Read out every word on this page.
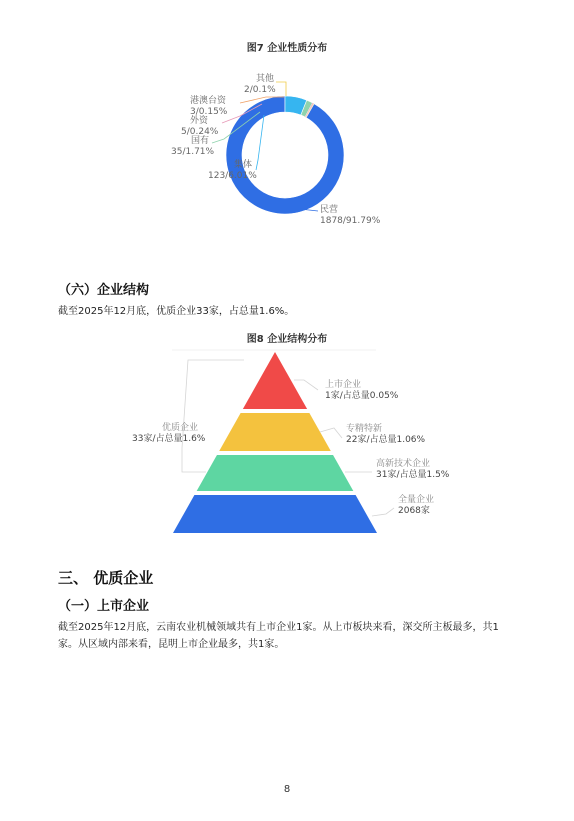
图7 企业性质分布
其他
2/0.1%
港澳台资
3/0.15%
外资
5/0.24%
国有
35/1.71%
集体
123/6.01%
民营
1878/91.79%
（六）企业结构
截至2025年12月底，优质企业33家，占总量1.6%。
图8 企业结构分布
上市企业
1家/占总量0.05%
专精特新
22家/占总量1.06%
高新技术企业
31家/占总量1.5%
全量企业
2068家
优质企业
33家/占总量1.6%
三、 优质企业
（一）上市企业
截至2025年12月底，云南农业机械领域共有上市企业1家。从上市板块来看，深交所主板最多，共1
家。从区域内部来看，昆明上市企业最多，共1家。
8
